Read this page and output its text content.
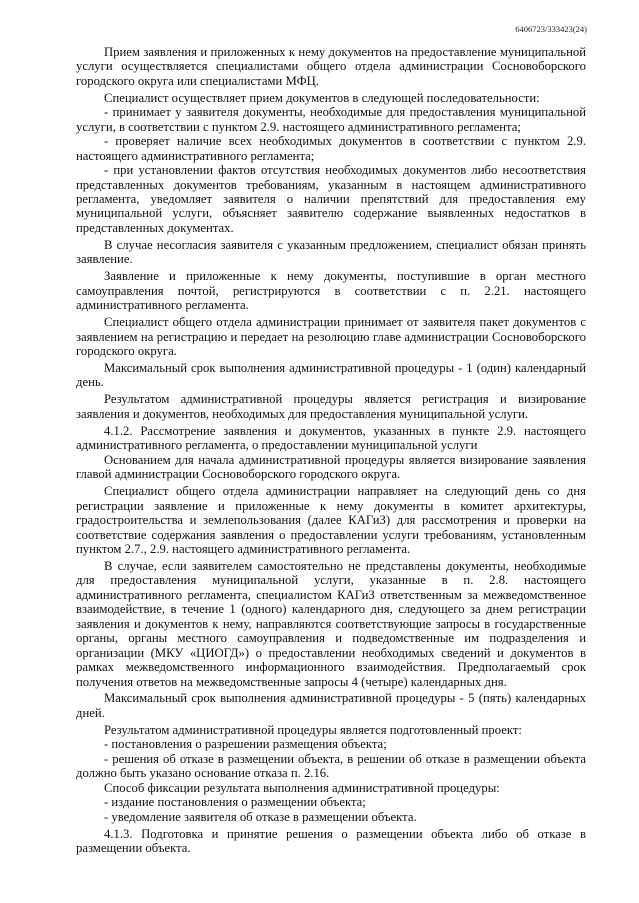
6406723/333423(24)

Прием заявления и приложенных к нему документов на предоставление муниципальной услуги осуществляется специалистами общего отдела администрации Сосновоборского городского округа или специалистами МФЦ.

Специалист осуществляет прием документов в следующей последовательности:

- принимает у заявителя документы, необходимые для предоставления муниципальной услуги, в соответствии с пунктом 2.9. настоящего административного регламента;

- проверяет наличие всех необходимых документов в соответствии с пунктом 2.9. настоящего административного регламента;

- при установлении фактов отсутствия необходимых документов либо несоответствия представленных документов требованиям, указанным в настоящем административного регламента, уведомляет заявителя о наличии препятствий для предоставления ему муниципальной услуги, объясняет заявителю содержание выявленных недостатков в представленных документах.

В случае несогласия заявителя с указанным предложением, специалист обязан принять заявление.

Заявление и приложенные к нему документы, поступившие в орган местного самоуправления почтой, регистрируются в соответствии с п. 2.21. настоящего административного регламента.

Специалист общего отдела администрации принимает от заявителя пакет документов с заявлением на регистрацию и передает на резолюцию главе администрации Сосновоборского городского округа.

Максимальный срок выполнения административной процедуры - 1 (один) календарный день.

Результатом административной процедуры является регистрация и визирование заявления и документов, необходимых для предоставления муниципальной услуги.

4.1.2. Рассмотрение заявления и документов, указанных в пункте 2.9. настоящего административного регламента, о предоставлении муниципальной услуги

Основанием для начала административной процедуры является визирование заявления главой администрации Сосновоборского городского округа.

Специалист общего отдела администрации направляет на следующий день со дня регистрации заявление и приложенные к нему документы в комитет архитектуры, градостроительства и землепользования (далее КАГиЗ) для рассмотрения и проверки на соответствие содержания заявления о предоставлении услуги требованиям, установленным пунктом 2.7., 2.9. настоящего административного регламента.

В случае, если заявителем самостоятельно не представлены документы, необходимые для предоставления муниципальной услуги, указанные в п. 2.8. настоящего административного регламента, специалистом КАГиЗ ответственным за межведомственное взаимодействие, в течение 1 (одного) календарного дня, следующего за днем регистрации заявления и документов к нему, направляются соответствующие запросы в государственные органы, органы местного самоуправления и подведомственные им подразделения и организации (МКУ «ЦИОГД») о предоставлении необходимых сведений и документов в рамках межведомственного информационного взаимодействия. Предполагаемый срок получения ответов на межведомственные запросы 4 (четыре) календарных дня.

Максимальный срок выполнения административной процедуры - 5 (пять) календарных дней.

Результатом административной процедуры является подготовленный проект:

- постановления о разрешении размещения объекта;

- решения об отказе в размещении объекта, в решении об отказе в размещении объекта должно быть указано основание отказа п. 2.16.

Способ фиксации результата выполнения административной процедуры:

- издание постановления о размещении объекта;

- уведомление заявителя об отказе в размещении объекта.

4.1.3. Подготовка и принятие решения о размещении объекта либо об отказе в размещении объекта.
